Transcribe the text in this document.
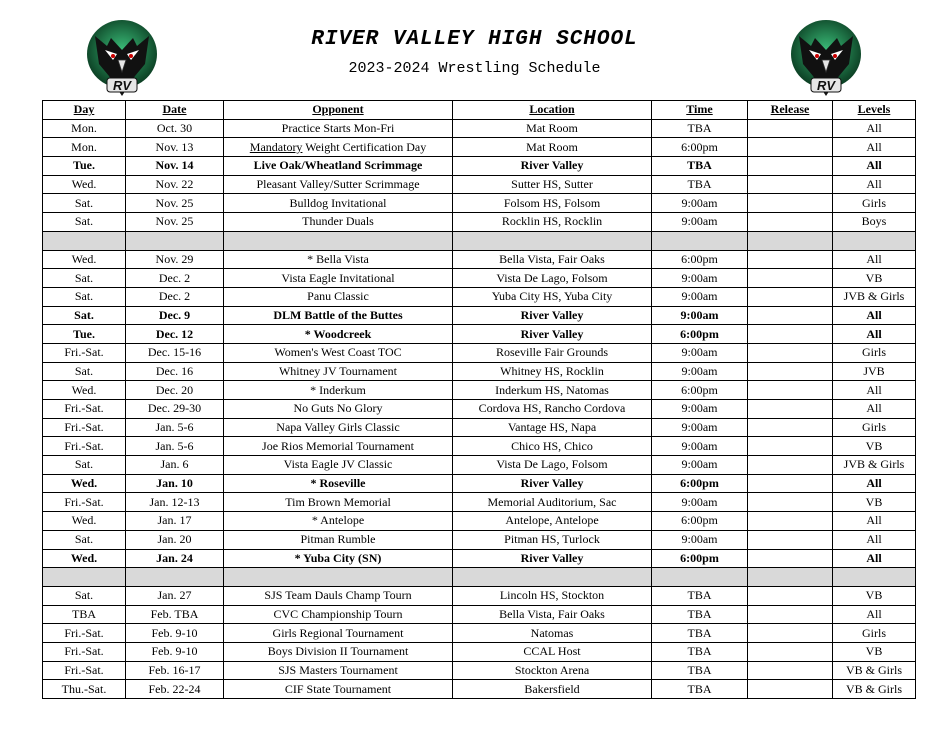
RV	RV
RIVER VALLEY HIGH SCHOOL
2023-2024 Wrestling Schedule
Day	Date	Opponent	Location	Time	Release	Levels
Mon.	Oct. 30	Practice Starts Mon-Fri	Mat Room	TBA		All
Mon.	Nov. 13	Mandatory Weight Certification Day	Mat Room	6:00pm		All
Tue.	Nov. 14	Live Oak/Wheatland Scrimmage	River Valley	TBA		All
Wed.	Nov. 22	Pleasant Valley/Sutter Scrimmage	Sutter HS, Sutter	TBA		All
Sat.	Nov. 25	Bulldog Invitational	Folsom HS, Folsom	9:00am		Girls
Sat.	Nov. 25	Thunder Duals	Rocklin HS, Rocklin	9:00am		Boys

Wed.	Nov. 29	* Bella Vista	Bella Vista, Fair Oaks	6:00pm		All
Sat.	Dec. 2	Vista Eagle Invitational	Vista De Lago, Folsom	9:00am		VB
Sat.	Dec. 2	Panu Classic	Yuba City HS, Yuba City	9:00am		JVB & Girls
Sat.	Dec. 9	DLM Battle of the Buttes	River Valley	9:00am		All
Tue.	Dec. 12	* Woodcreek	River Valley	6:00pm		All
Fri.-Sat.	Dec. 15-16	Women's West Coast TOC	Roseville Fair Grounds	9:00am		Girls
Sat.	Dec. 16	Whitney JV Tournament	Whitney HS, Rocklin	9:00am		JVB
Wed.	Dec. 20	* Inderkum	Inderkum HS, Natomas	6:00pm		All
Fri.-Sat.	Dec. 29-30	No Guts No Glory	Cordova HS, Rancho Cordova	9:00am		All
Fri.-Sat.	Jan. 5-6	Napa Valley Girls Classic	Vantage HS, Napa	9:00am		Girls
Fri.-Sat.	Jan. 5-6	Joe Rios Memorial Tournament	Chico HS, Chico	9:00am		VB
Sat.	Jan. 6	Vista Eagle JV Classic	Vista De Lago, Folsom	9:00am		JVB & Girls
Wed.	Jan. 10	* Roseville	River Valley	6:00pm		All
Fri.-Sat.	Jan. 12-13	Tim Brown Memorial	Memorial Auditorium, Sac	9:00am		VB
Wed.	Jan. 17	* Antelope	Antelope, Antelope	6:00pm		All
Sat.	Jan. 20	Pitman Rumble	Pitman HS, Turlock	9:00am		All
Wed.	Jan. 24	* Yuba City (SN)	River Valley	6:00pm		All

Sat.	Jan. 27	SJS Team Dauls Champ Tourn	Lincoln HS, Stockton	TBA		VB
TBA	Feb. TBA	CVC Championship Tourn	Bella Vista, Fair Oaks	TBA		All
Fri.-Sat.	Feb. 9-10	Girls Regional Tournament	Natomas	TBA		Girls
Fri.-Sat.	Feb. 9-10	Boys Division II Tournament	CCAL Host	TBA		VB
Fri.-Sat.	Feb. 16-17	SJS Masters Tournament	Stockton Arena	TBA		VB & Girls
Thu.-Sat.	Feb. 22-24	CIF State Tournament	Bakersfield	TBA		VB & Girls
